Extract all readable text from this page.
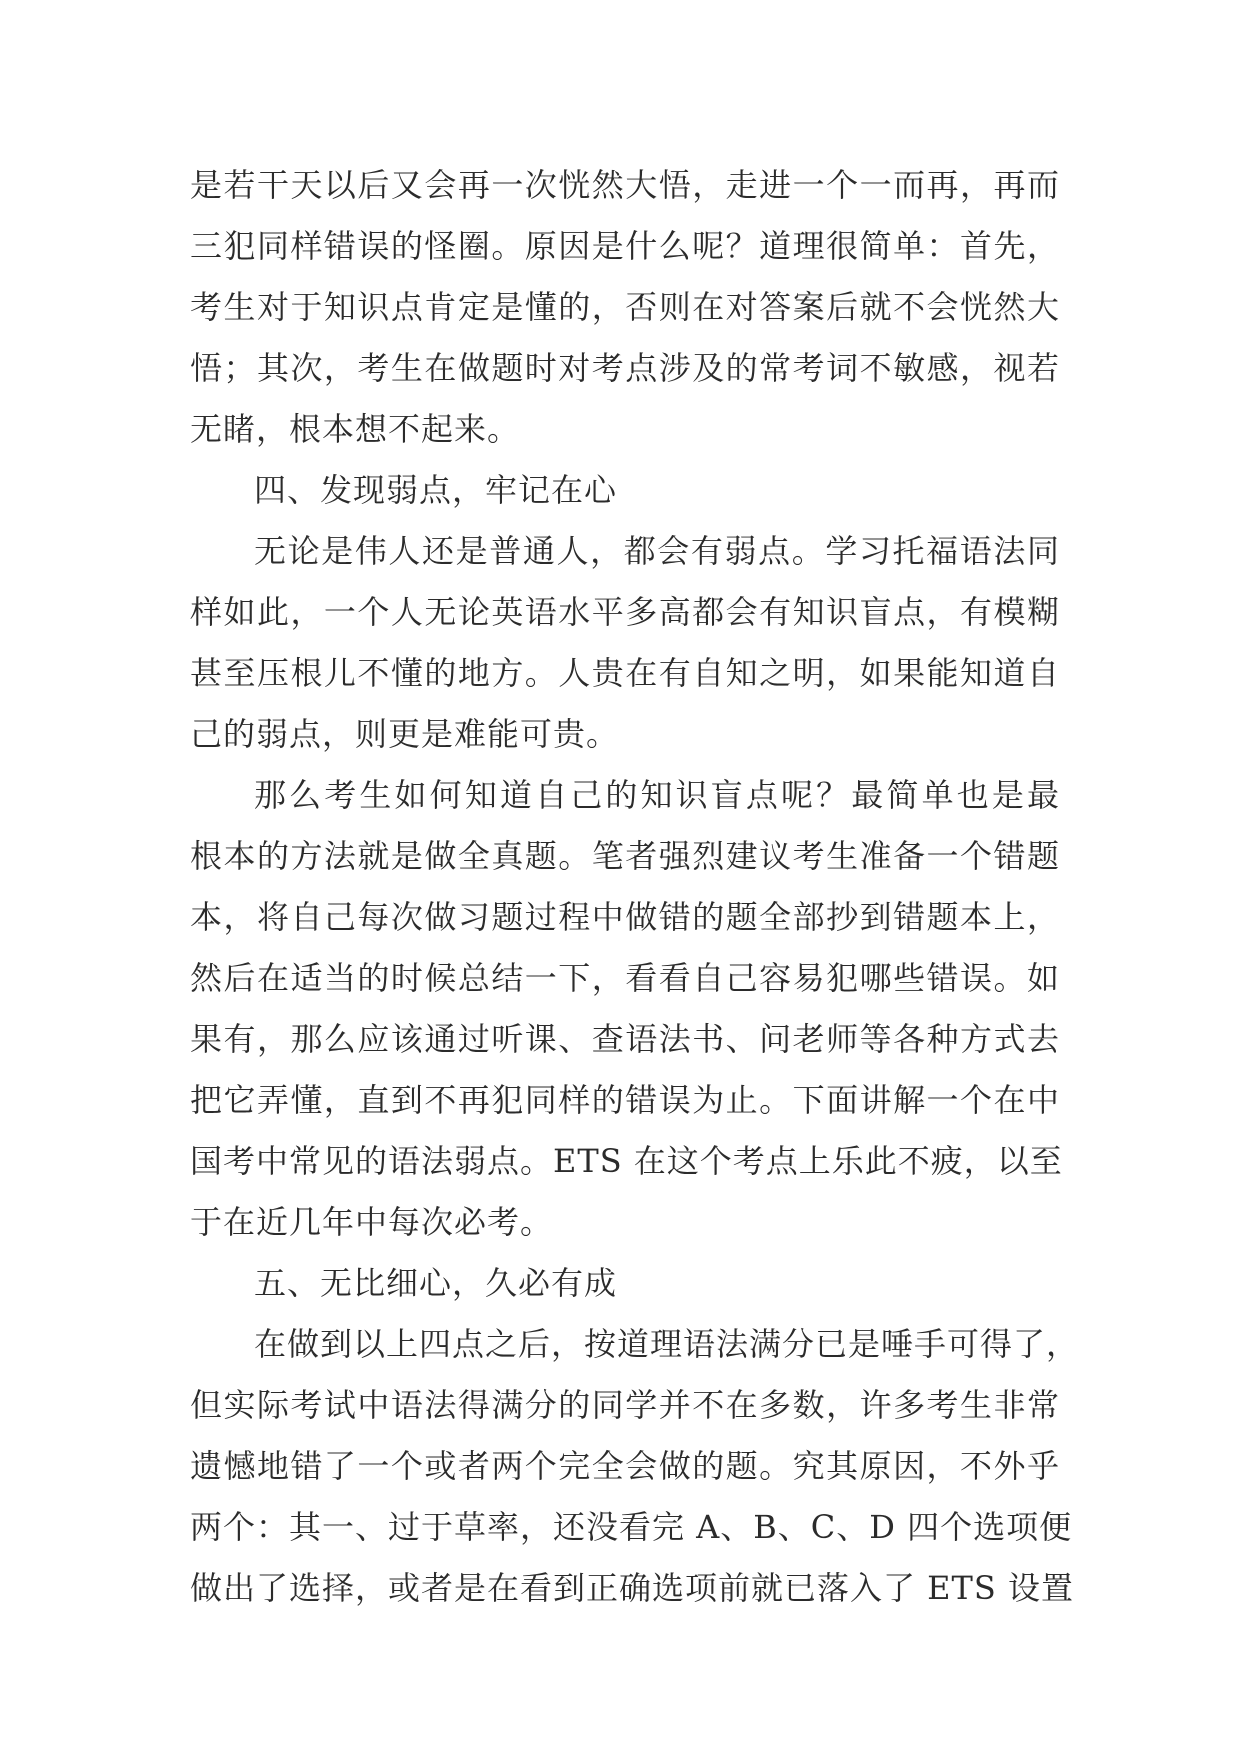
是若干天以后又会再一次恍然大悟，走进一个一而再，再而
三犯同样错误的怪圈。原因是什么呢？道理很简单：首先，
考生对于知识点肯定是懂的，否则在对答案后就不会恍然大
悟；其次，考生在做题时对考点涉及的常考词不敏感，视若
无睹，根本想不起来。
四、发现弱点，牢记在心
无论是伟人还是普通人，都会有弱点。学习托福语法同
样如此，一个人无论英语水平多高都会有知识盲点，有模糊
甚至压根儿不懂的地方。人贵在有自知之明，如果能知道自
己的弱点，则更是难能可贵。
那么考生如何知道自己的知识盲点呢？最简单也是最
根本的方法就是做全真题。笔者强烈建议考生准备一个错题
本，将自己每次做习题过程中做错的题全部抄到错题本上，
然后在适当的时候总结一下，看看自己容易犯哪些错误。如
果有，那么应该通过听课、查语法书、问老师等各种方式去
把它弄懂，直到不再犯同样的错误为止。下面讲解一个在中
国考中常见的语法弱点。ETS 在这个考点上乐此不疲，以至
于在近几年中每次必考。
五、无比细心，久必有成
在做到以上四点之后，按道理语法满分已是唾手可得了，
但实际考试中语法得满分的同学并不在多数，许多考生非常
遗憾地错了一个或者两个完全会做的题。究其原因，不外乎
两个：其一、过于草率，还没看完 A、B、C、D 四个选项便
做出了选择，或者是在看到正确选项前就已落入了 ETS 设置
